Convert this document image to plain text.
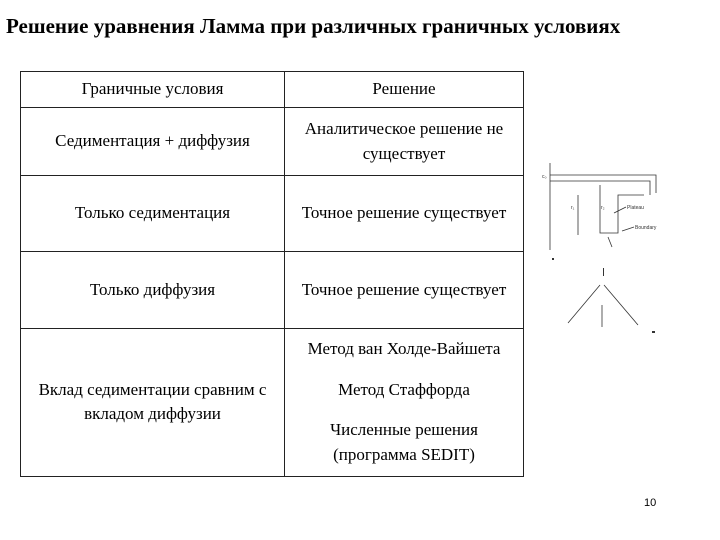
Решение уравнения Ламма при различных граничных условиях
Граничные условия	Решение
Седиментация + диффузия	Аналитическое решение не существует
Только седиментация	Точное решение существует
Только диффузия	Точное решение существует
Вклад седиментации сравним с вкладом диффузии	Метод ван Холде-Вайшета
Метод Стаффорда
Численные решения (программа SEDIT)
c₀
r₁	r₂	Plateau
Boundary
10
